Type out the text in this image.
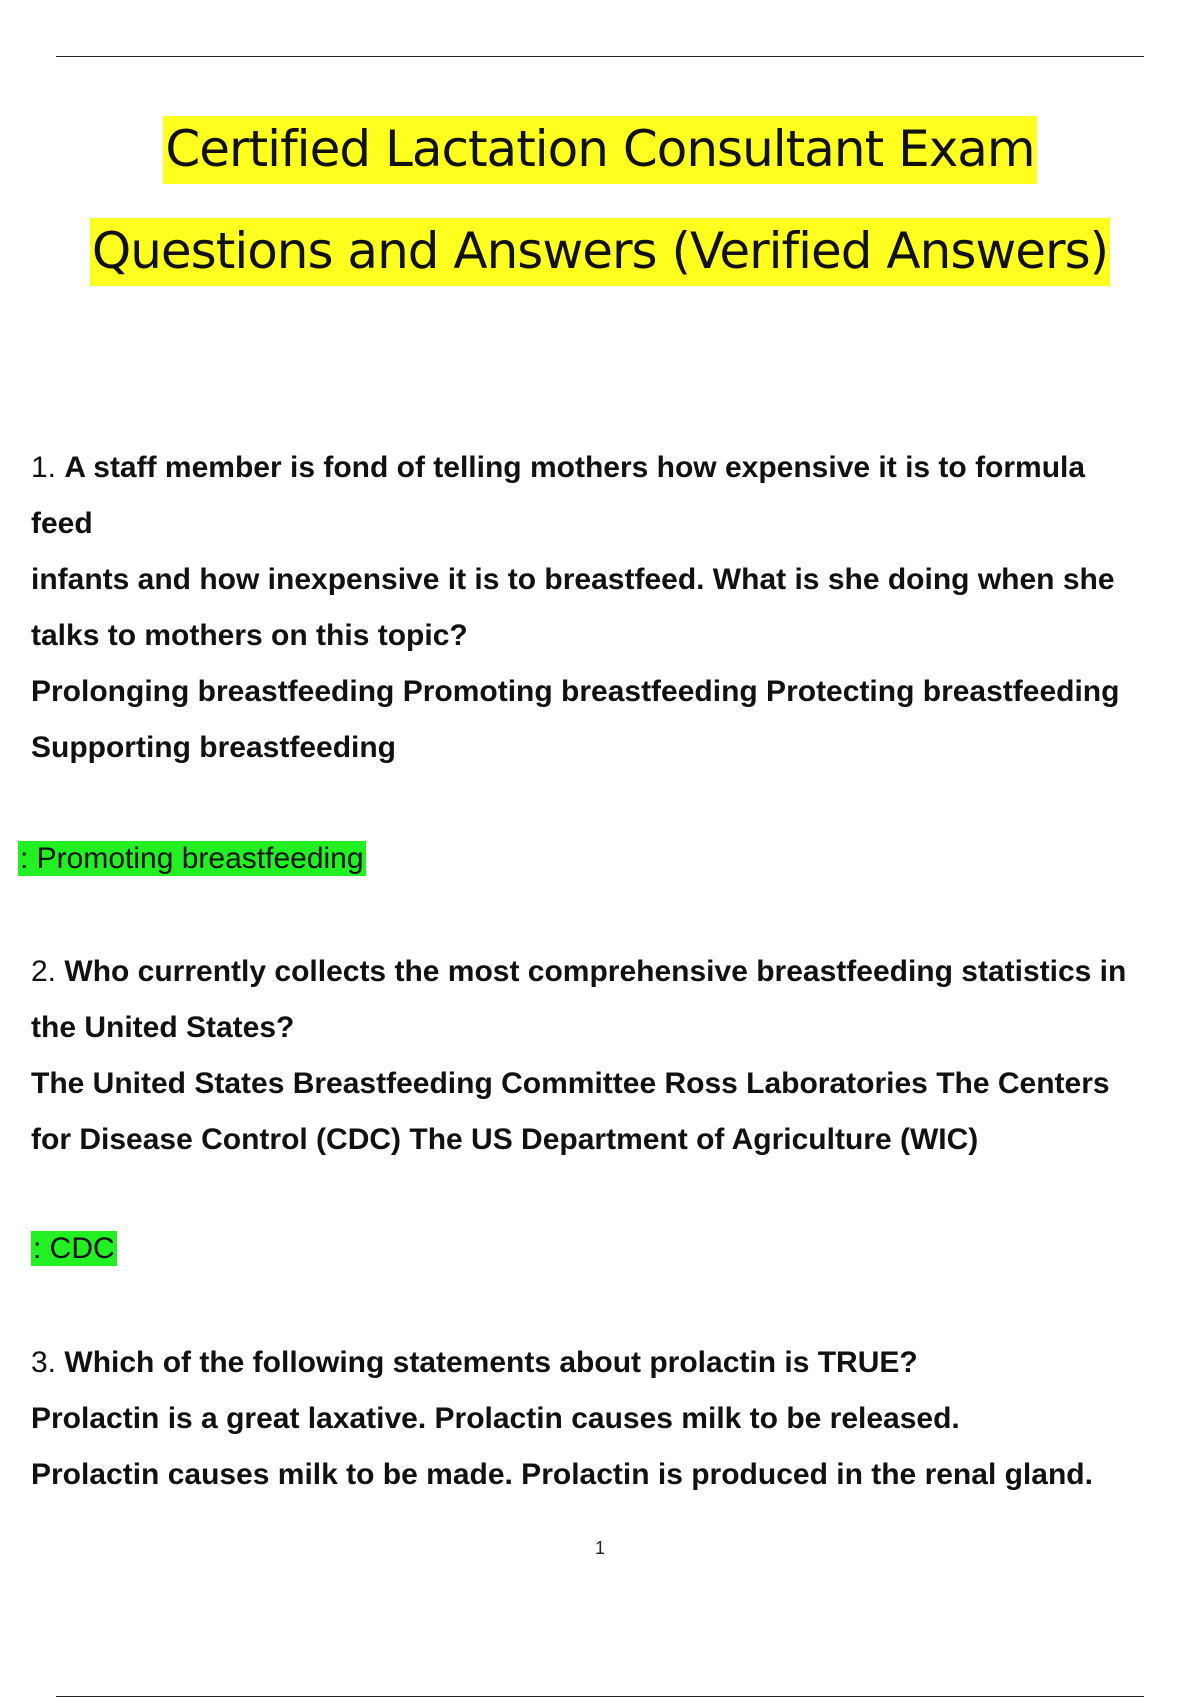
Certified Lactation Consultant Exam
Questions and Answers (Verified Answers)
1. A staff member is fond of telling mothers how expensive it is to formula
feed
infants and how inexpensive it is to breastfeed. What is she doing when she
talks to mothers on this topic?
Prolonging breastfeeding Promoting breastfeeding Protecting breastfeeding
Supporting breastfeeding
: Promoting breastfeeding
2. Who currently collects the most comprehensive breastfeeding statistics in
the United States?
The United States Breastfeeding Committee Ross Laboratories The Centers
for Disease Control (CDC) The US Department of Agriculture (WIC)
: CDC
3. Which of the following statements about prolactin is TRUE?
Prolactin is a great laxative. Prolactin causes milk to be released.
Prolactin causes milk to be made. Prolactin is produced in the renal gland.
1
